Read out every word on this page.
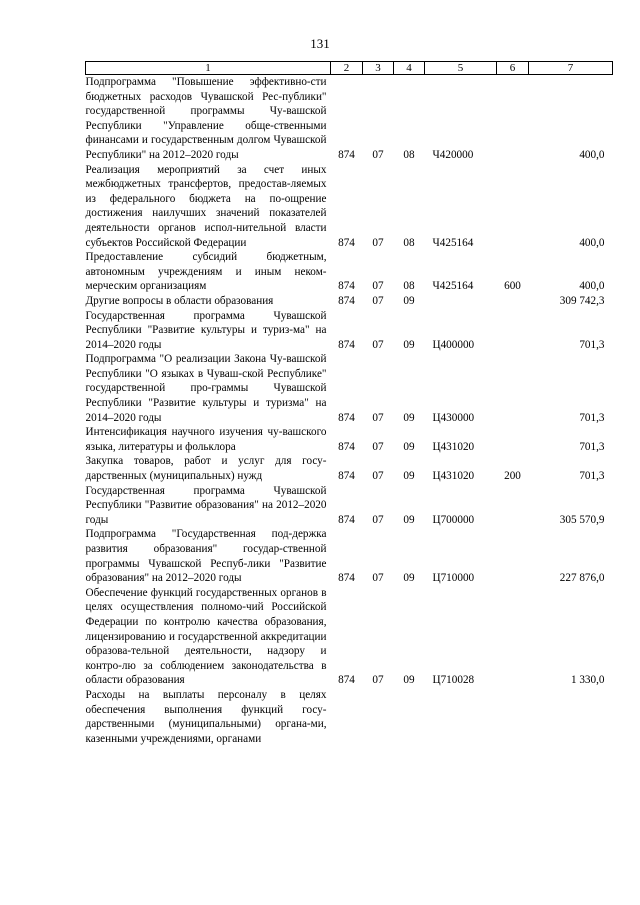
131
1	2	3	4	5	6	7
Подпрограмма "Повышение эффективно-сти бюджетных расходов Чувашской Рес-публики" государственной программы Чу-вашской Республики "Управление обще-ственными финансами и государственным долгом Чувашской Республики" на 2012–2020 годы	874	07	08	Ч420000		400,0
Реализация мероприятий за счет иных межбюджетных трансфертов, предостав-ляемых из федерального бюджета на по-ощрение достижения наилучших значений показателей деятельности органов испол-нительной власти субъектов Российской Федерации	874	07	08	Ч425164		400,0
Предоставление субсидий бюджетным, автономным учреждениям и иным неком-мерческим организациям	874	07	08	Ч425164	600	400,0
Другие вопросы в области образования	874	07	09			309 742,3
Государственная программа Чувашской Республики "Развитие культуры и туриз-ма" на 2014–2020 годы	874	07	09	Ц400000		701,3
Подпрограмма "О реализации Закона Чу-вашской Республики "О языках в Чуваш-ской Республике" государственной про-граммы Чувашской Республики "Развитие культуры и туризма" на 2014–2020 годы	874	07	09	Ц430000		701,3
Интенсификация научного изучения чу-вашского языка, литературы и фольклора	874	07	09	Ц431020		701,3
Закупка товаров, работ и услуг для госу-дарственных (муниципальных) нужд	874	07	09	Ц431020	200	701,3
Государственная программа Чувашской Республики "Развитие образования" на 2012–2020 годы	874	07	09	Ц700000		305 570,9
Подпрограмма "Государственная под-держка развития образования" государ-ственной программы Чувашской Респуб-лики "Развитие образования" на 2012–2020 годы	874	07	09	Ц710000		227 876,0
Обеспечение функций государственных органов в целях осуществления полномо-чий Российской Федерации по контролю качества образования, лицензированию и государственной аккредитации образова-тельной деятельности, надзору и контро-лю за соблюдением законодательства в области образования	874	07	09	Ц710028		1 330,0
Расходы на выплаты персоналу в целях обеспечения выполнения функций госу-дарственными (муниципальными) органа-ми, казенными учреждениями, органами						
